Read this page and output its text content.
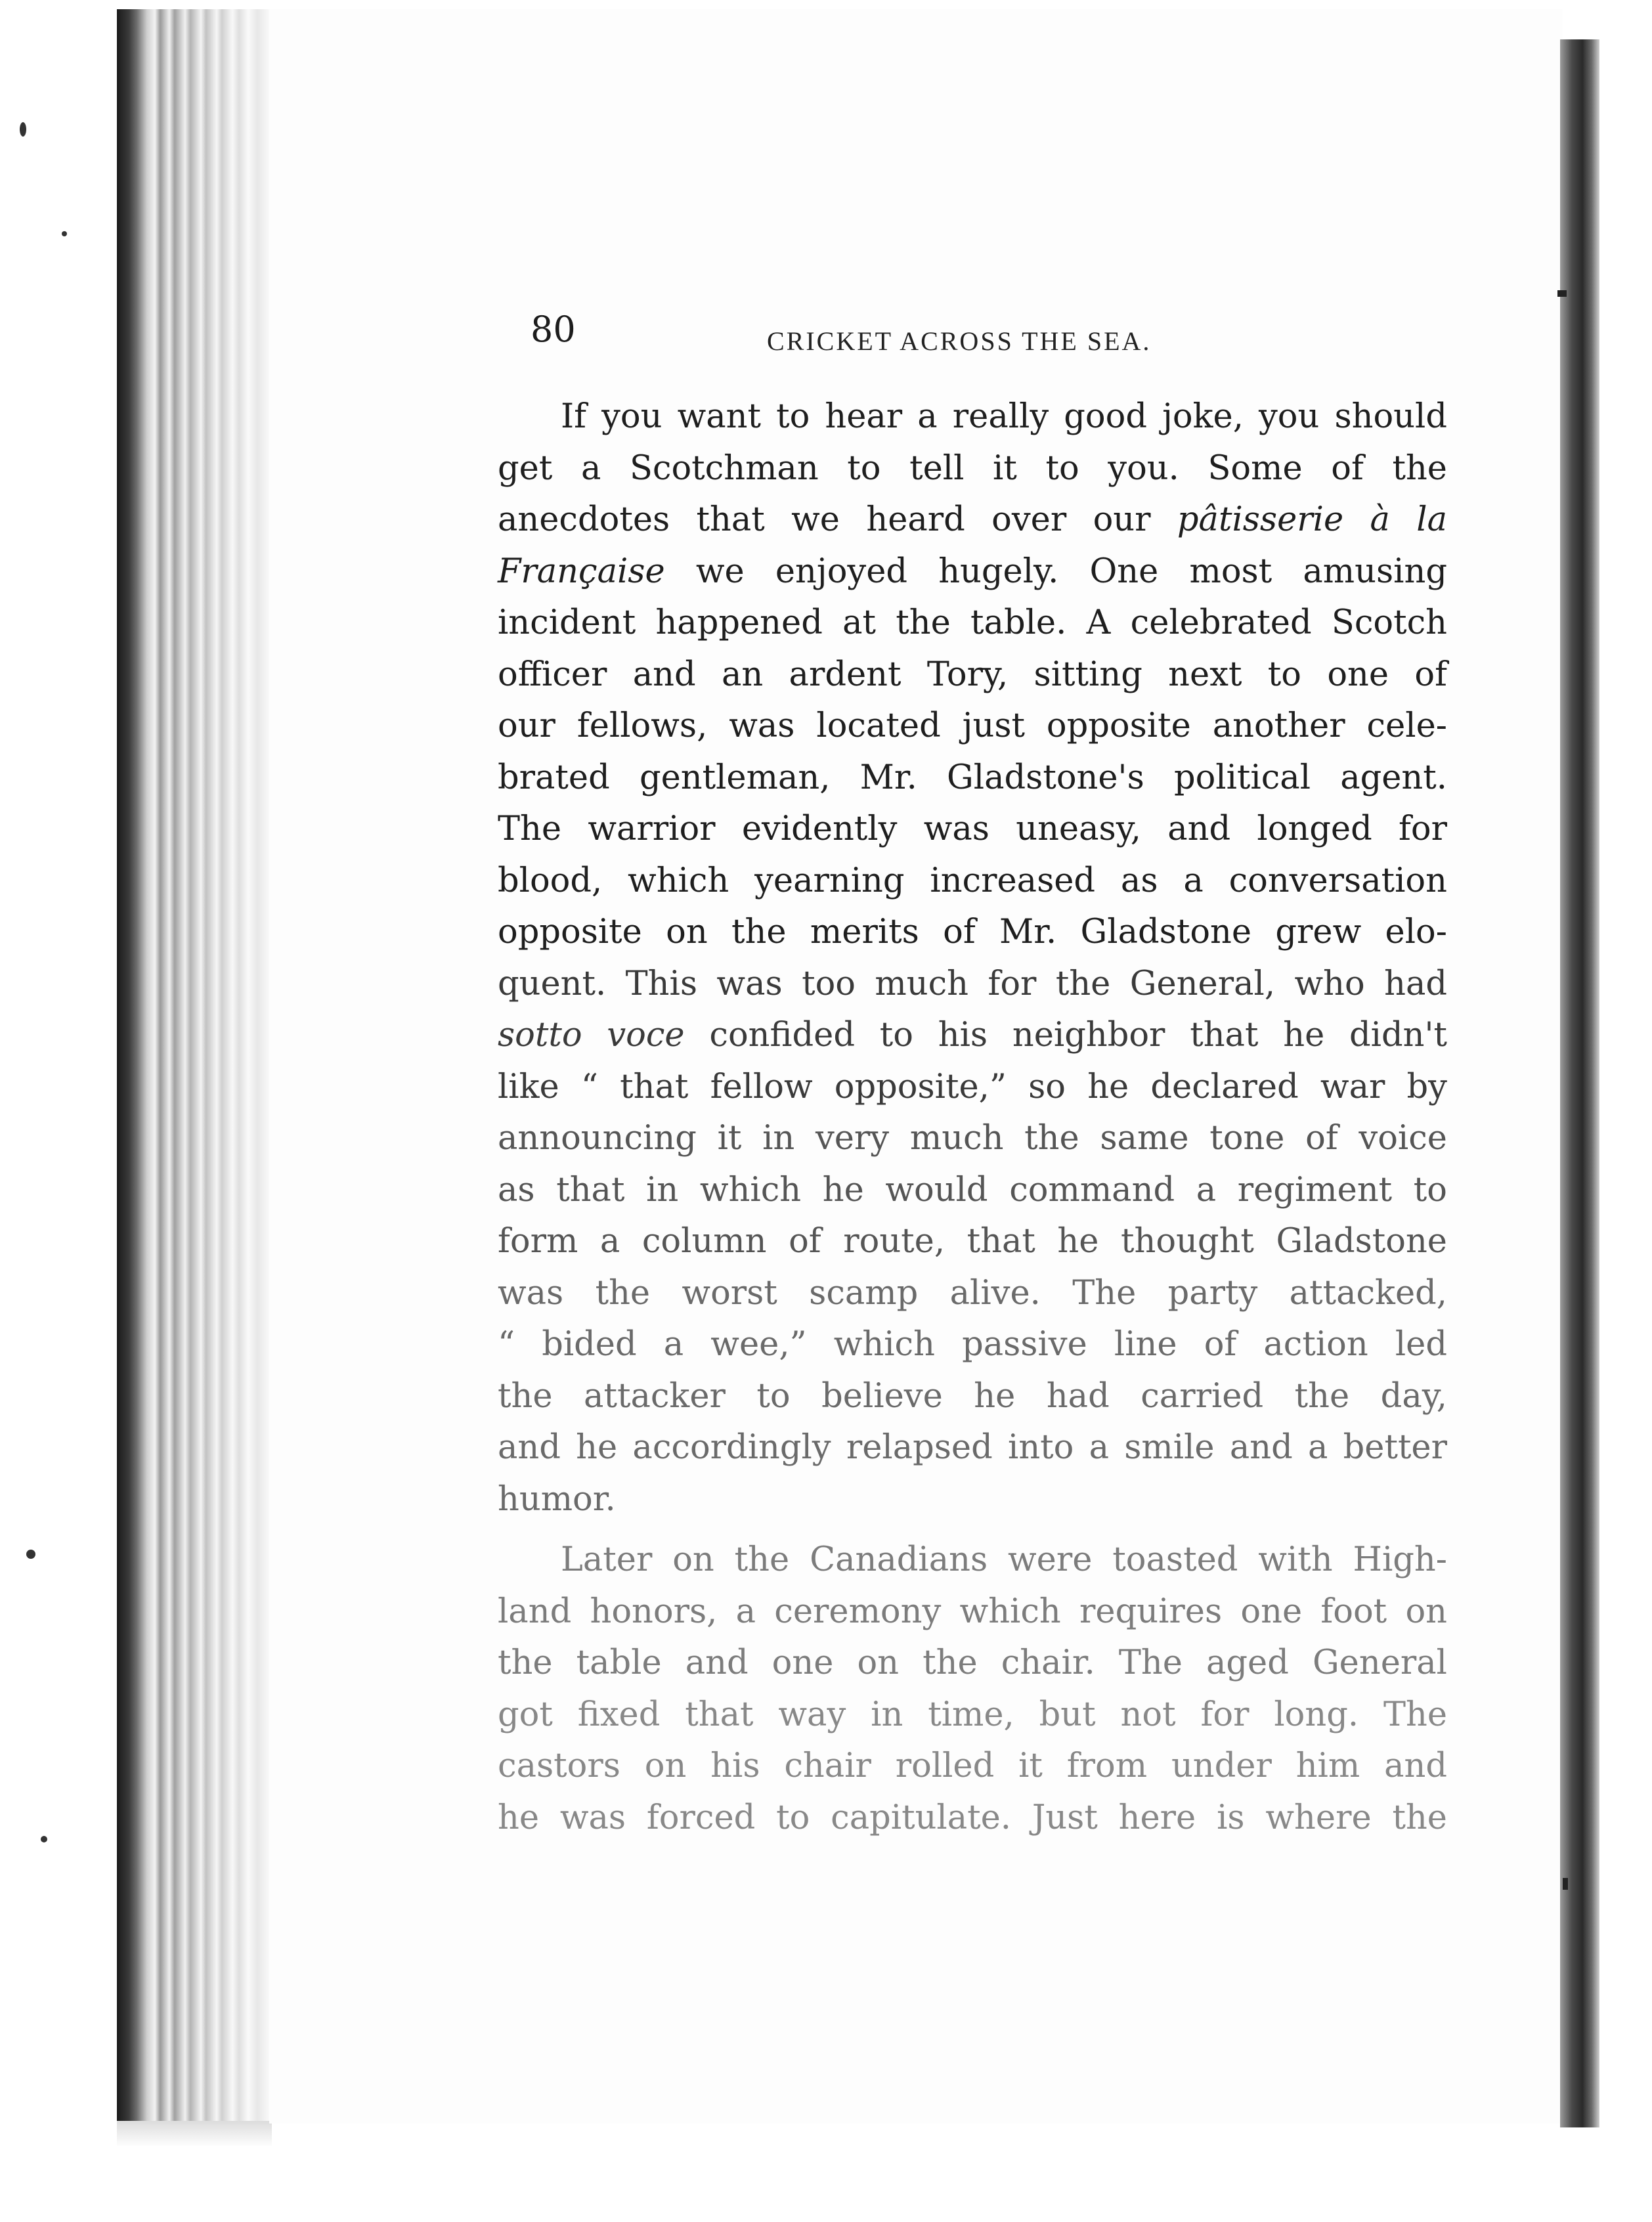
80	CRICKET ACROSS THE SEA.
If you want to hear a really good joke, you should
get a Scotchman to tell it to you. Some of the
anecdotes that we heard over our pâtisserie à la
Française we enjoyed hugely. One most amusing
incident happened at the table. A celebrated Scotch
officer and an ardent Tory, sitting next to one of
our fellows, was located just opposite another cele-
brated gentleman, Mr. Gladstone's political agent.
The warrior evidently was uneasy, and longed for
blood, which yearning increased as a conversation
opposite on the merits of Mr. Gladstone grew elo-
quent. This was too much for the General, who had
sotto voce confided to his neighbor that he didn't
like “ that fellow opposite,” so he declared war by
announcing it in very much the same tone of voice
as that in which he would command a regiment to
form a column of route, that he thought Gladstone
was the worst scamp alive. The party attacked,
“ bided a wee,” which passive line of action led
the attacker to believe he had carried the day,
and he accordingly relapsed into a smile and a better
humor.
Later on the Canadians were toasted with High-
land honors, a ceremony which requires one foot on
the table and one on the chair. The aged General
got fixed that way in time, but not for long. The
castors on his chair rolled it from under him and
he was forced to capitulate. Just here is where the
